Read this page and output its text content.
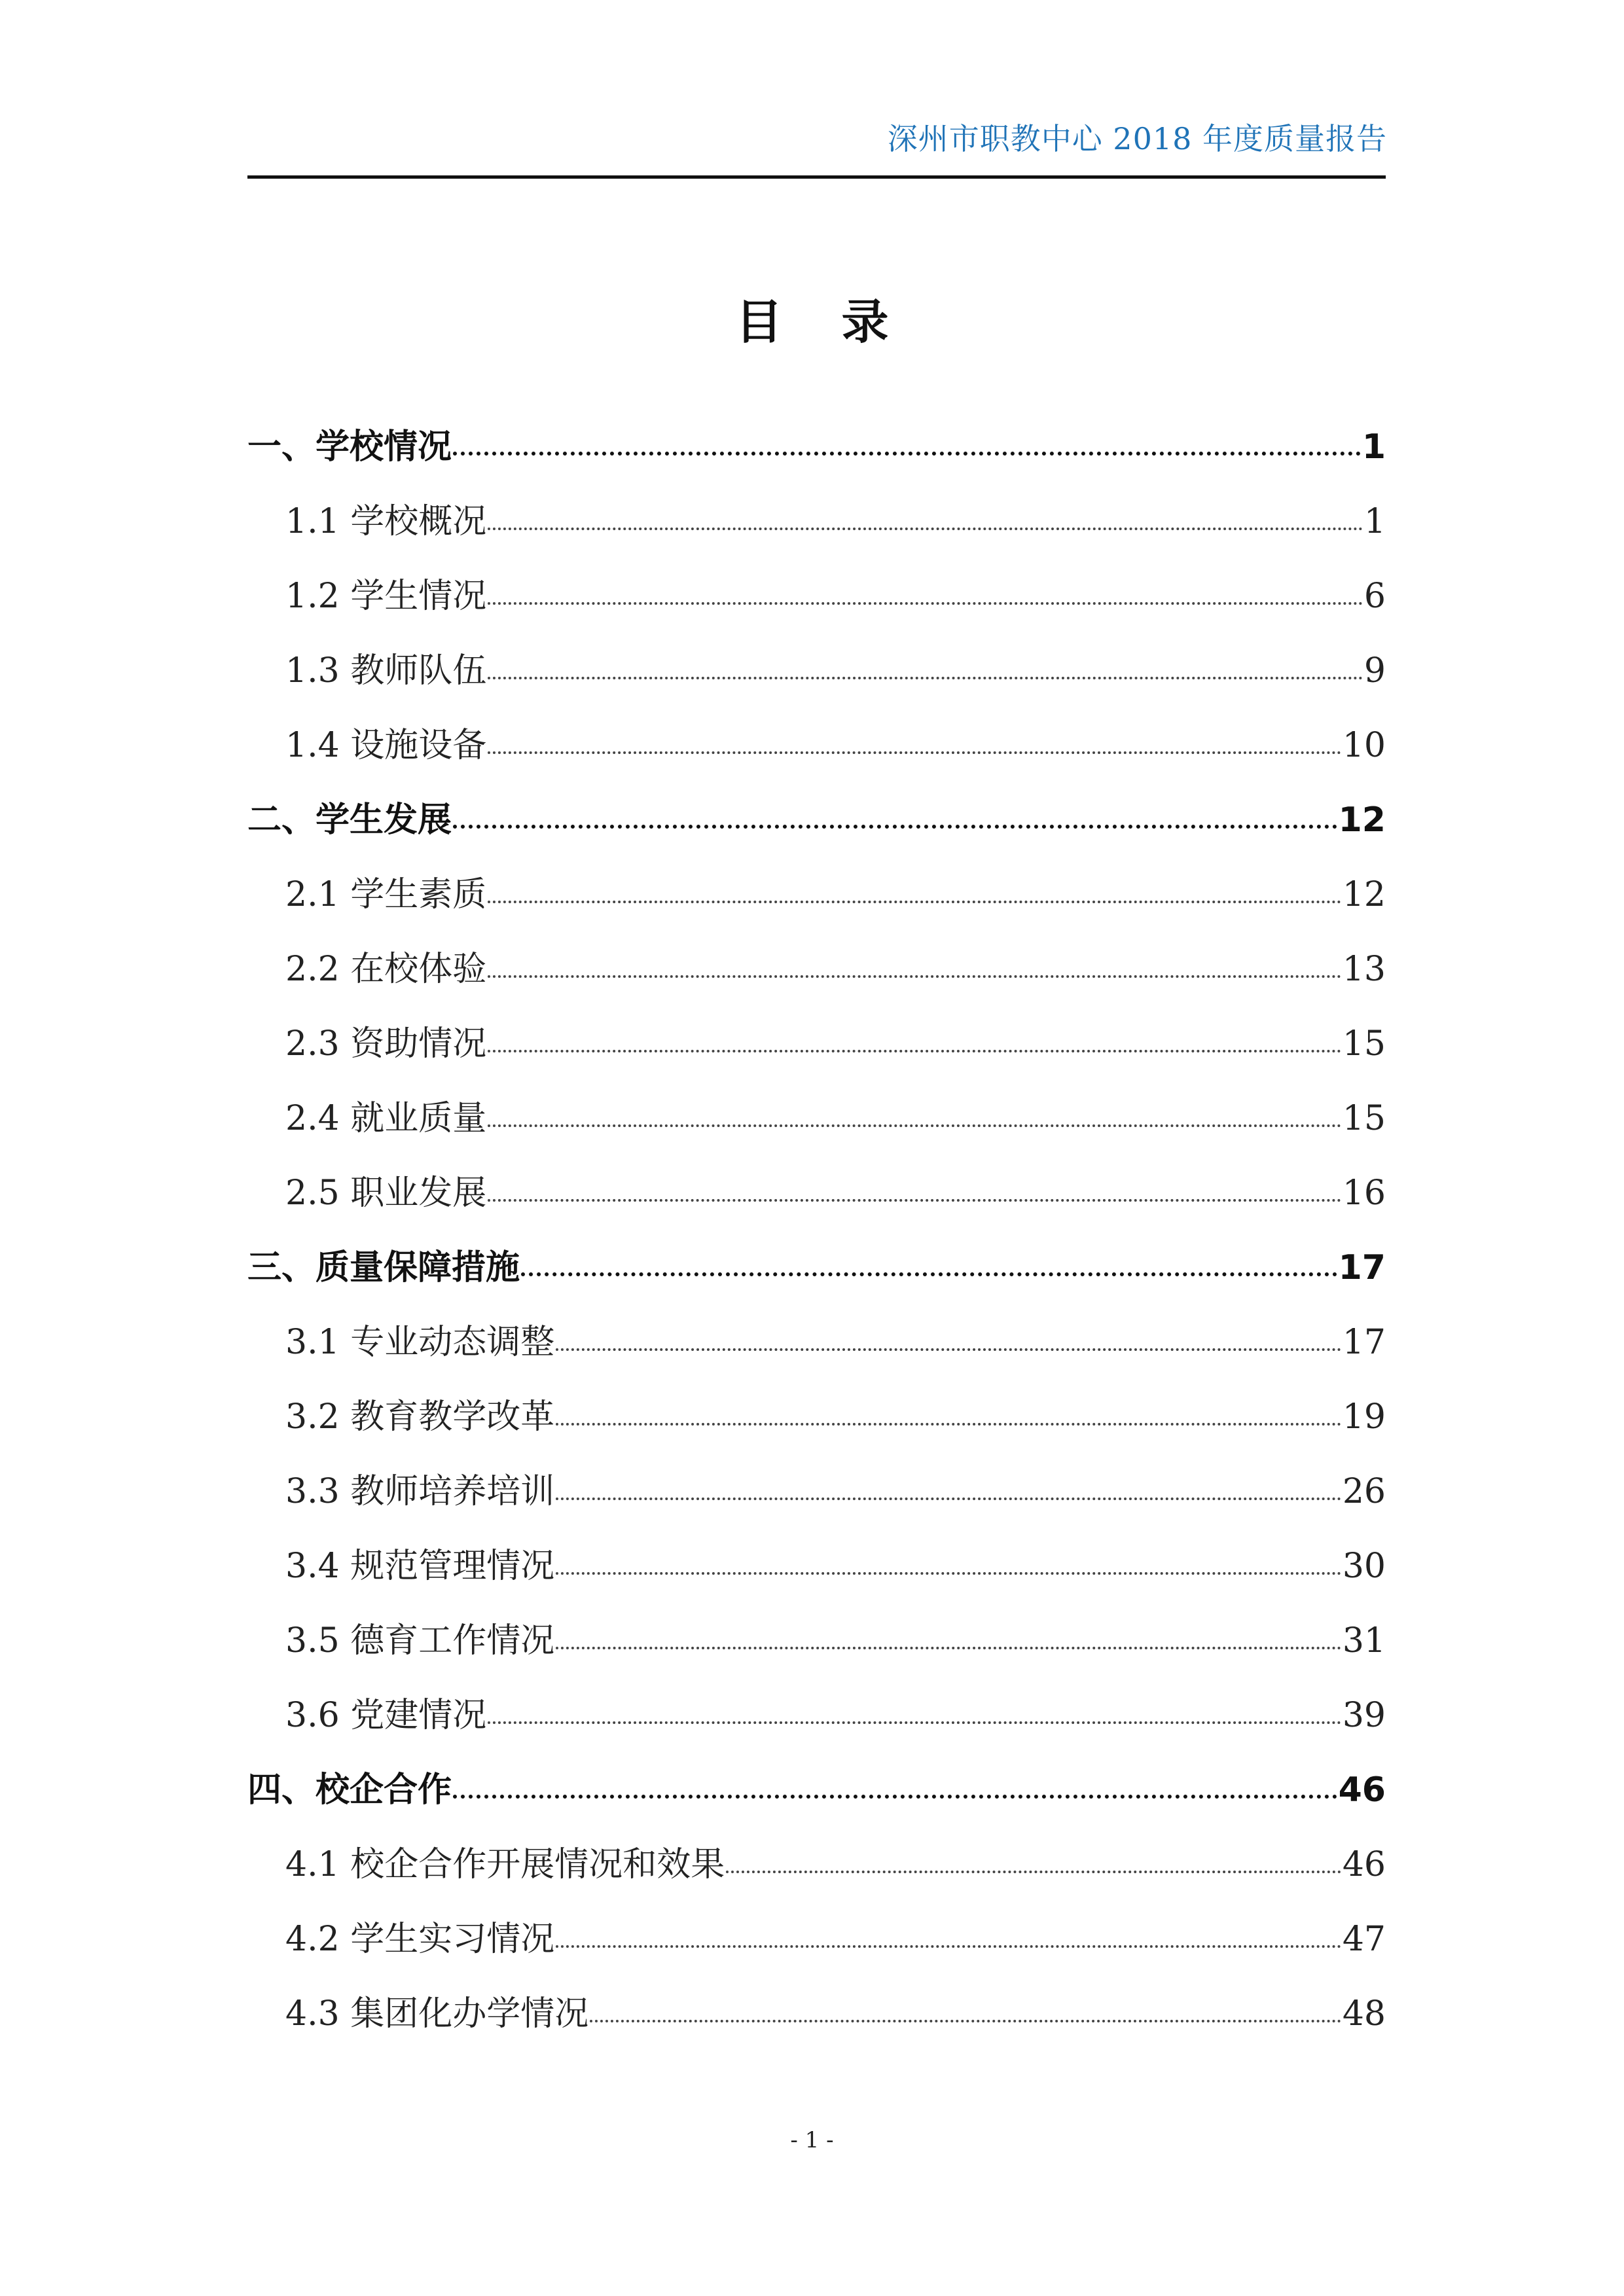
深州市职教中心 2018 年度质量报告
目录
一、学校情况	1
1.1 学校概况	1
1.2 学生情况	6
1.3 教师队伍	9
1.4 设施设备	10
二、学生发展	12
2.1 学生素质	12
2.2 在校体验	13
2.3 资助情况	15
2.4 就业质量	15
2.5 职业发展	16
三、质量保障措施	17
3.1 专业动态调整	17
3.2 教育教学改革	19
3.3 教师培养培训	26
3.4 规范管理情况	30
3.5 德育工作情况	31
3.6 党建情况	39
四、校企合作	46
4.1 校企合作开展情况和效果	46
4.2 学生实习情况	47
4.3 集团化办学情况	48
- 1 -
